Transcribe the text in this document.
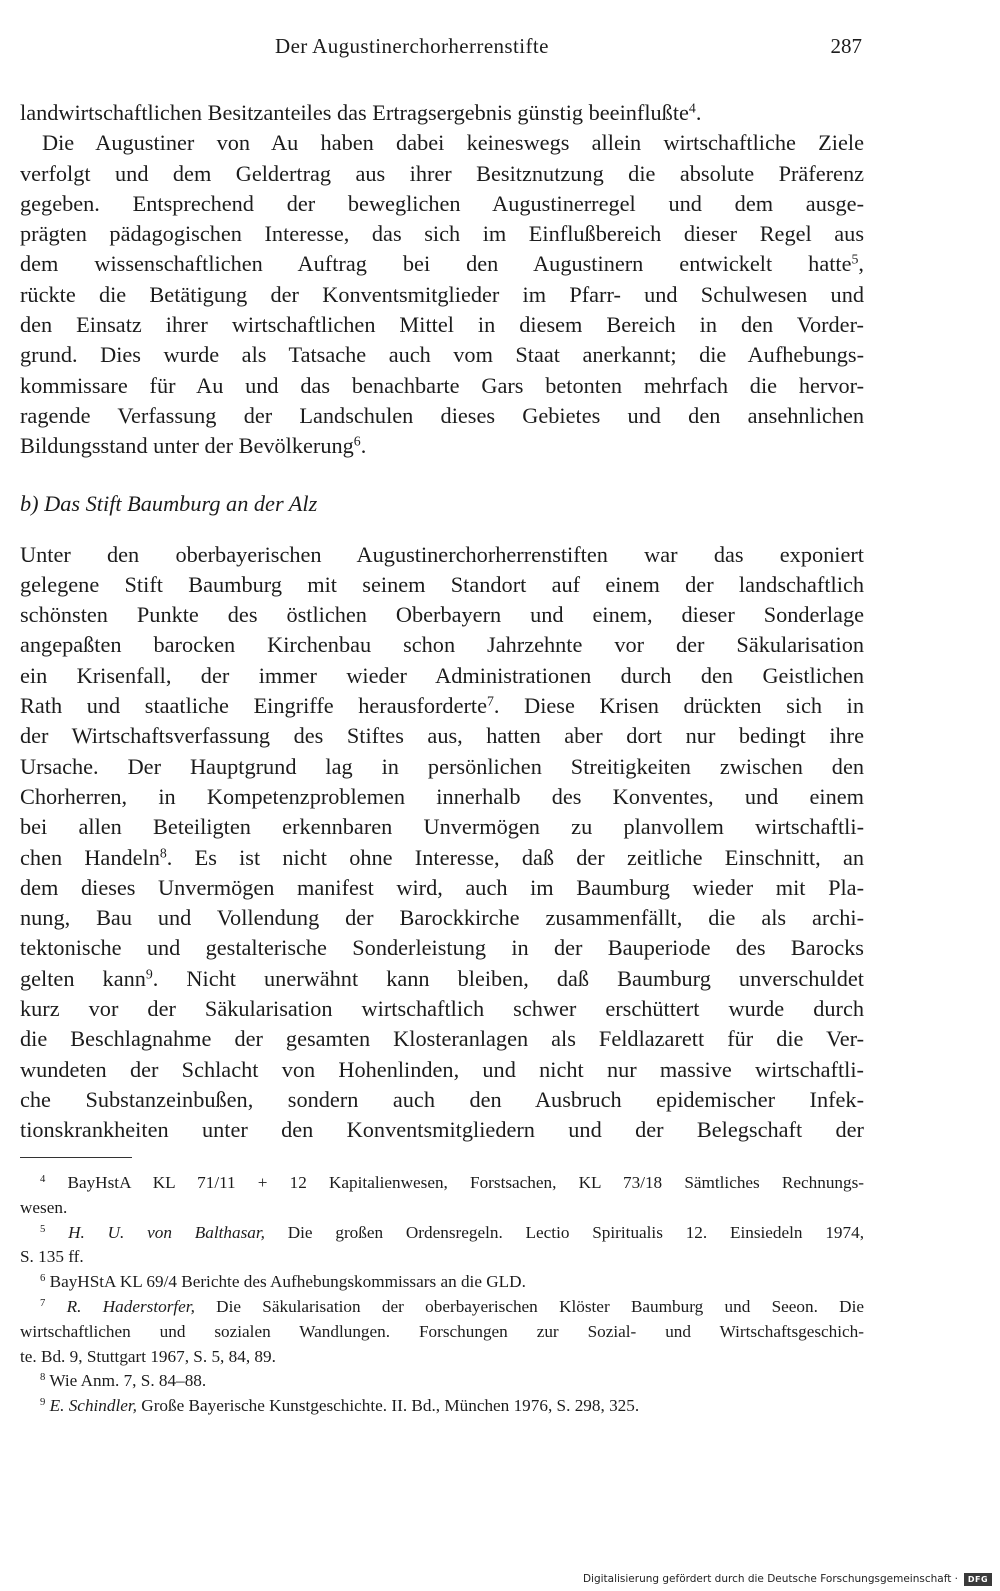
Der Augustinerchorherrenstifte	287
landwirtschaftlichen Besitzanteiles das Ertragsergebnis günstig beeinflußte$^4$.
Die Augustiner von Au haben dabei keineswegs allein wirtschaftliche Ziele
verfolgt und dem Geldertrag aus ihrer Besitznutzung die absolute Präferenz
gegeben. Entsprechend der beweglichen Augustinerregel und dem ausge-
prägten pädagogischen Interesse, das sich im Einflußbereich dieser Regel aus
dem wissenschaftlichen Auftrag bei den Augustinern entwickelt hatte$^5$,
rückte die Betätigung der Konventsmitglieder im Pfarr- und Schulwesen und
den Einsatz ihrer wirtschaftlichen Mittel in diesem Bereich in den Vorder-
grund. Dies wurde als Tatsache auch vom Staat anerkannt; die Aufhebungs-
kommissare für Au und das benachbarte Gars betonten mehrfach die hervor-
ragende Verfassung der Landschulen dieses Gebietes und den ansehnlichen
Bildungsstand unter der Bevölkerung$^6$.
b) Das Stift Baumburg an der Alz
Unter den oberbayerischen Augustinerchorherrenstiften war das exponiert
gelegene Stift Baumburg mit seinem Standort auf einem der landschaftlich
schönsten Punkte des östlichen Oberbayern und einem, dieser Sonderlage
angepaßten barocken Kirchenbau schon Jahrzehnte vor der Säkularisation
ein Krisenfall, der immer wieder Administrationen durch den Geistlichen
Rath und staatliche Eingriffe herausforderte$^7$. Diese Krisen drückten sich in
der Wirtschaftsverfassung des Stiftes aus, hatten aber dort nur bedingt ihre
Ursache. Der Hauptgrund lag in persönlichen Streitigkeiten zwischen den
Chorherren, in Kompetenzproblemen innerhalb des Konventes, und einem
bei allen Beteiligten erkennbaren Unvermögen zu planvollem wirtschaftli-
chen Handeln$^8$. Es ist nicht ohne Interesse, daß der zeitliche Einschnitt, an
dem dieses Unvermögen manifest wird, auch im Baumburg wieder mit Pla-
nung, Bau und Vollendung der Barockkirche zusammenfällt, die als archi-
tektonische und gestalterische Sonderleistung in der Bauperiode des Barocks
gelten kann$^9$. Nicht unerwähnt kann bleiben, daß Baumburg unverschuldet
kurz vor der Säkularisation wirtschaftlich schwer erschüttert wurde durch
die Beschlagnahme der gesamten Klosteranlagen als Feldlazarett für die Ver-
wundeten der Schlacht von Hohenlinden, und nicht nur massive wirtschaftli-
che Substanzeinbußen, sondern auch den Ausbruch epidemischer Infek-
tionskrankheiten unter den Konventsmitgliedern und der Belegschaft der
$^4$ BayHstA KL 71/11 + 12 Kapitalienwesen, Forstsachen, KL 73/18 Sämtliches Rechnungs-
wesen.
$^5$ H. U. von Balthasar, Die großen Ordensregeln. Lectio Spiritualis 12. Einsiedeln 1974,
S. 135 ff.
$^6$ BayHStA KL 69/4 Berichte des Aufhebungskommissars an die GLD.
$^7$ R. Haderstorfer, Die Säkularisation der oberbayerischen Klöster Baumburg und Seeon. Die
wirtschaftlichen und sozialen Wandlungen. Forschungen zur Sozial- und Wirtschaftsgeschich-
te. Bd. 9, Stuttgart 1967, S. 5, 84, 89.
$^8$ Wie Anm. 7, S. 84–88.
$^9$ E. Schindler, Große Bayerische Kunstgeschichte. II. Bd., München 1976, S. 298, 325.
Digitalisierung gefördert durch die Deutsche Forschungsgemeinschaft ·	DFG
